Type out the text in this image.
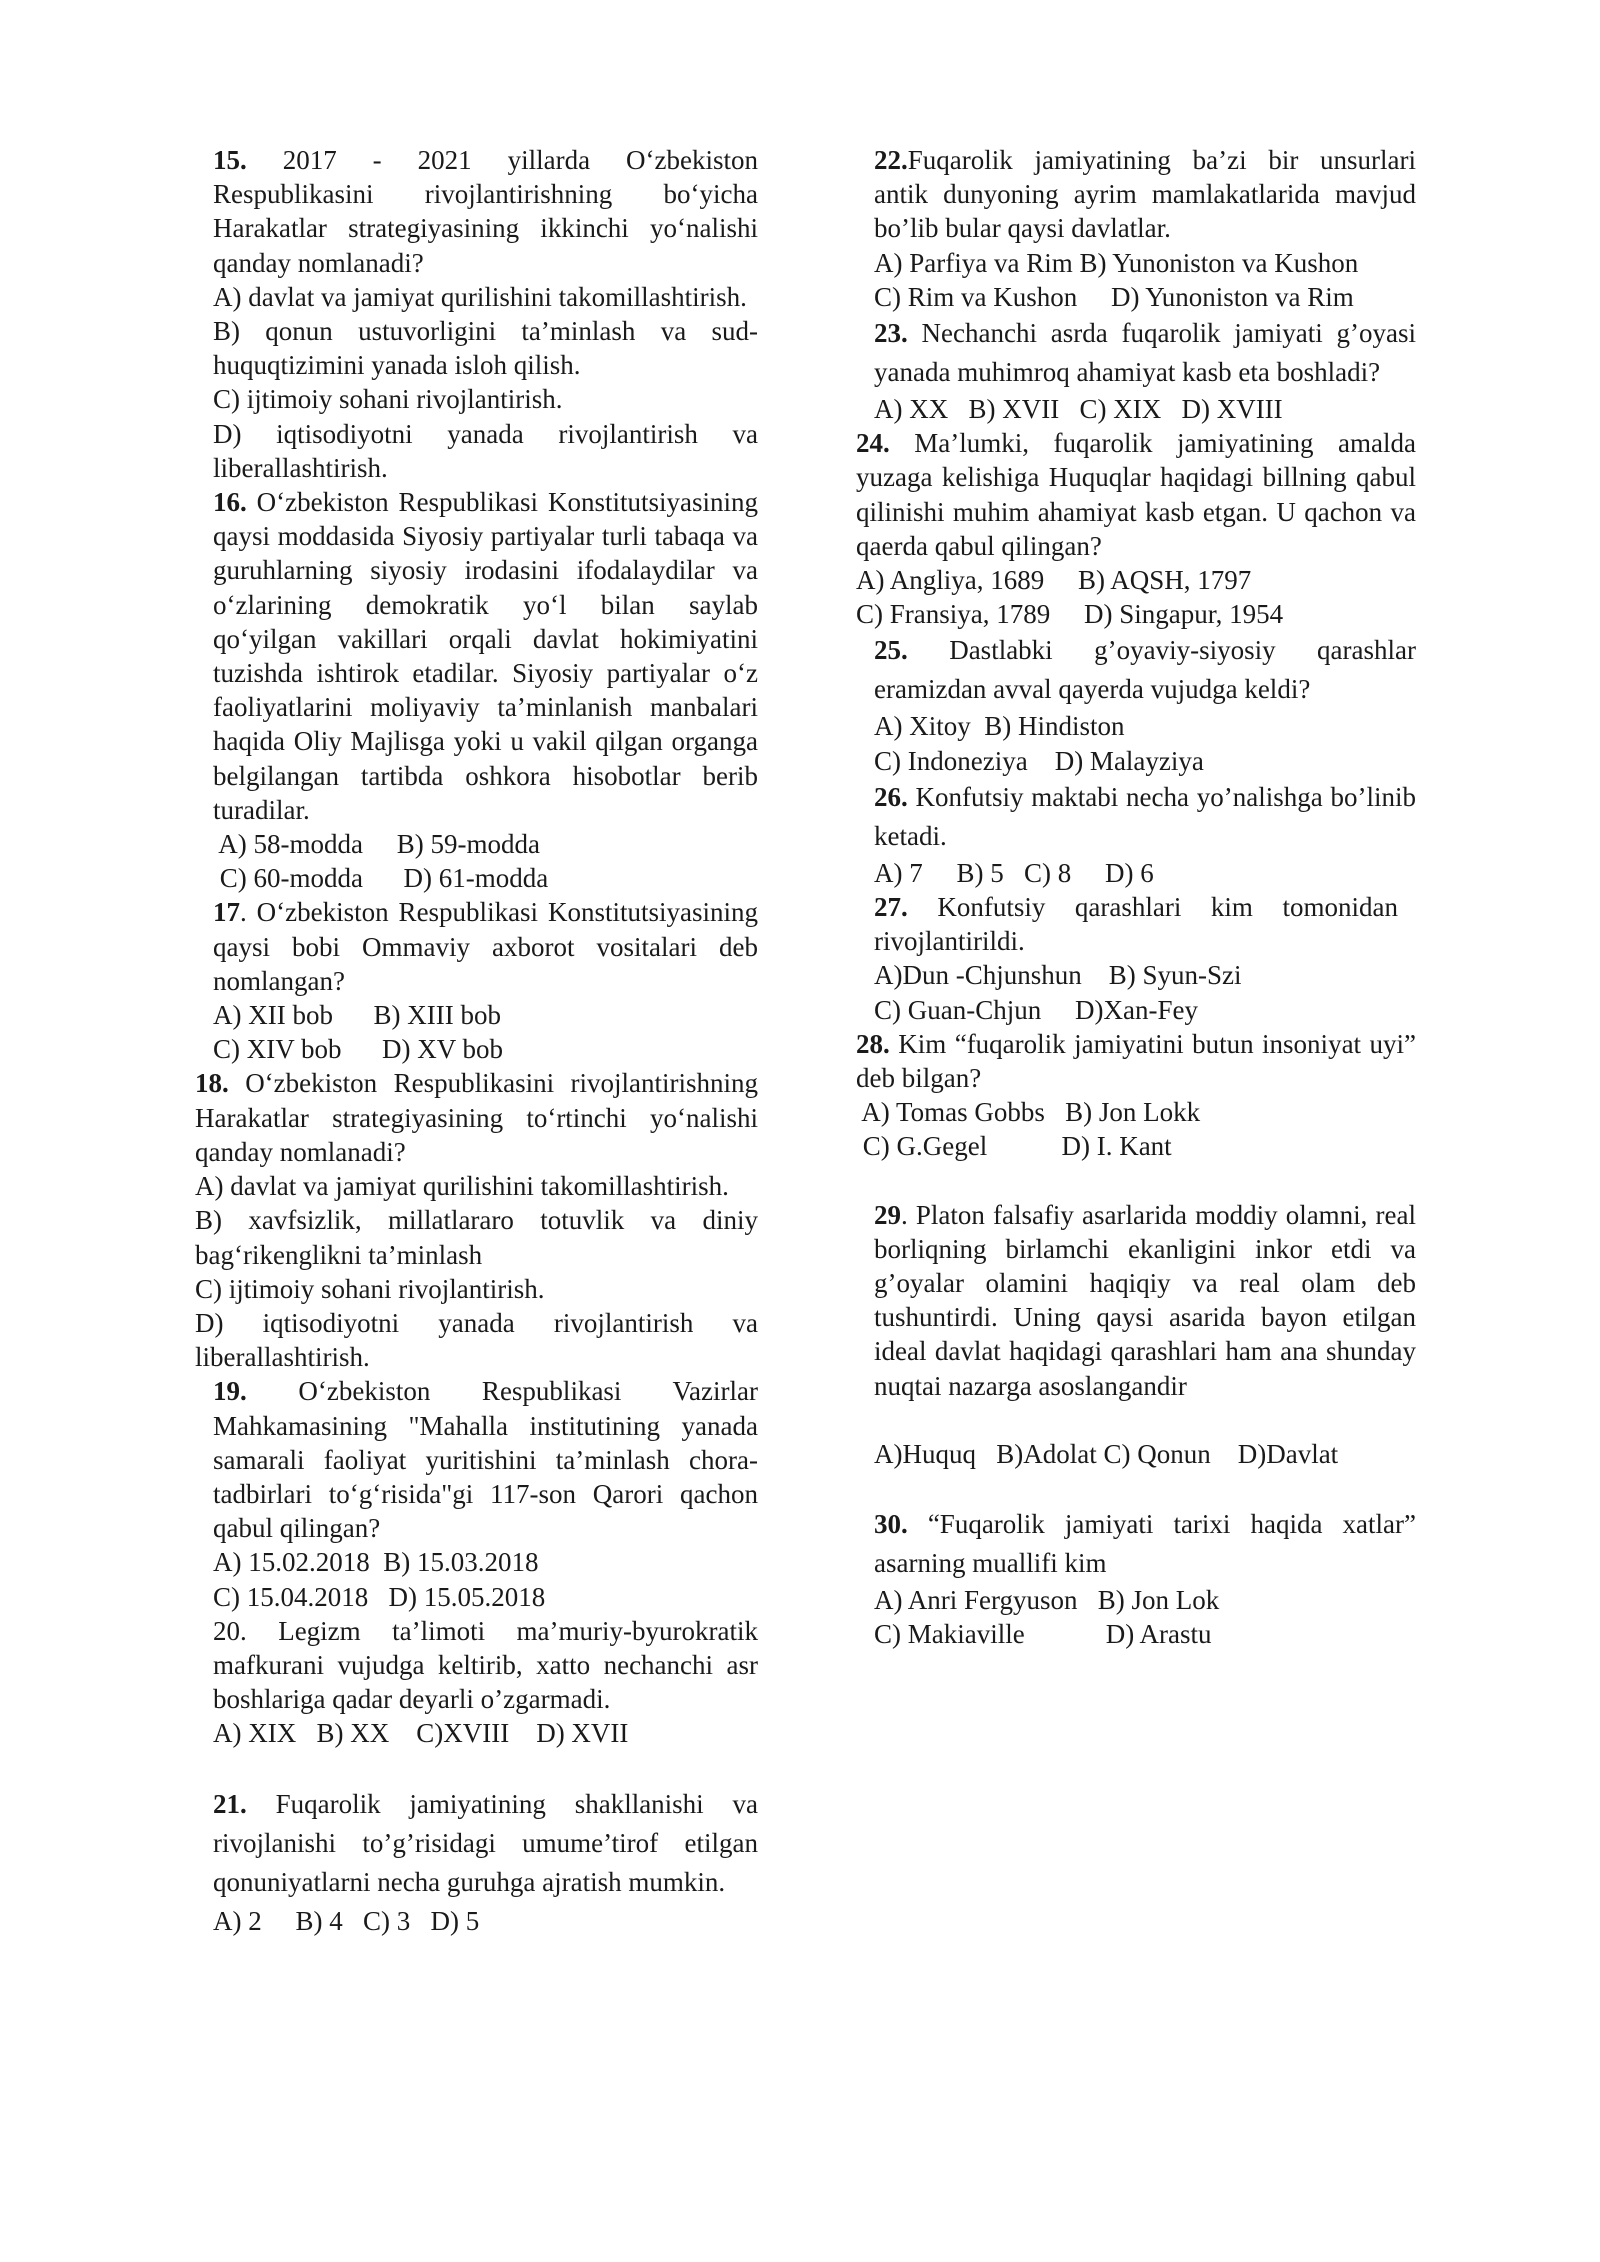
15. 2017 - 2021 yillarda O‘zbekiston Respublikasini rivojlantirishning bo‘yicha Harakatlar strategiyasining ikkinchi yo‘nalishi qanday nomlanadi?

A) davlat va jamiyat qurilishini takomillashtirish.

B) qonun ustuvorligini ta’minlash va sud-huquqtizimini yanada isloh qilish.

C) ijtimoiy sohani rivojlantirish.

D) iqtisodiyotni yanada rivojlantirish va liberallashtirish.

16. O‘zbekiston Respublikasi Konstitutsiyasining qaysi moddasida Siyosiy partiyalar turli tabaqa va guruhlarning siyosiy irodasini ifodalaydilar va o‘zlarining demokratik yo‘l bilan saylab qo‘yilgan vakillari orqali davlat hokimiyatini tuzishda ishtirok etadilar. Siyosiy partiyalar o‘z faoliyatlarini moliyaviy ta’minlanish manbalari haqida Oliy Majlisga yoki u vakil qilgan organga belgilangan tartibda oshkora hisobotlar berib turadilar.

A) 58-modda     B) 59-modda
C) 60-modda      D) 61-modda

17. O‘zbekiston Respublikasi Konstitutsiyasining qaysi bobi Ommaviy axborot vositalari deb nomlangan?

A) XII bob      B) XIII bob
C) XIV bob      D) XV bob

18. O‘zbekiston Respublikasini rivojlantirishning Harakatlar strategiyasining to‘rtinchi yo‘nalishi qanday nomlanadi?

A) davlat va jamiyat qurilishini takomillashtirish.

B) xavfsizlik, millatlararo totuvlik va diniy bag‘rikenglikni ta’minlash

C) ijtimoiy sohani rivojlantirish.

D) iqtisodiyotni yanada rivojlantirish va liberallashtirish.

19. O‘zbekiston Respublikasi Vazirlar Mahkamasining "Mahalla institutining yanada samarali faoliyat yuritishini ta’minlash chora-tadbirlari to‘g‘risida"gi 117-son Qarori qachon qabul qilingan?

A) 15.02.2018  B) 15.03.2018
C) 15.04.2018   D) 15.05.2018

20. Legizm ta’limoti ma’muriy-byurokratik mafkurani vujudga keltirib, xatto nechanchi asr boshlariga qadar deyarli o’zgarmadi.

A) XIX   B) XX    C)XVIII    D) XVII

21. Fuqarolik jamiyatining shakllanishi va rivojlanishi to’g’risidagi umume’tirof etilgan qonuniyatlarni necha guruhga ajratish mumkin.

A) 2     B) 4   C) 3   D) 5

22.Fuqarolik jamiyatining ba’zi bir unsurlari antik dunyoning ayrim mamlakatlarida mavjud bo’lib bular qaysi davlatlar.

A) Parfiya va Rim B) Yunoniston va Kushon

C) Rim va Kushon     D) Yunoniston va Rim

23. Nechanchi asrda fuqarolik jamiyati g’oyasi yanada muhimroq ahamiyat kasb eta boshladi?

A) XX   B) XVII   C) XIX   D) XVIII

24. Ma’lumki, fuqarolik jamiyatining amalda yuzaga kelishiga Huquqlar haqidagi billning qabul qilinishi muhim ahamiyat kasb etgan. U qachon va qaerda qabul qilingan?

A) Angliya, 1689     B) AQSH, 1797
C) Fransiya, 1789     D) Singapur, 1954

25. Dastlabki g’oyaviy-siyosiy qarashlar eramizdan avval qayerda vujudga keldi?

A) Xitoy  B) Hindiston
C) Indoneziya    D) Malayziya

26. Konfutsiy maktabi necha yo’nalishga bo’linib ketadi.

A) 7     B) 5   C) 8     D) 6

27. Konfutsiy qarashlari kim tomonidan rivojlantirildi.

A)Dun -Chjunshun    B) Syun-Szi
C) Guan-Chjun     D)Xan-Fey

28. Kim “fuqarolik jamiyatini butun insoniyat uyi” deb bilgan?

A) Tomas Gobbs   B) Jon Lokk
C) G.Gegel           D) I. Kant

29. Platon falsafiy asarlarida moddiy olamni, real borliqning birlamchi ekanligini inkor etdi va g’oyalar olamini haqiqiy va real olam deb tushuntirdi. Uning qaysi asarida bayon etilgan ideal davlat haqidagi qarashlari ham ana shunday nuqtai nazarga asoslangandir

A)Huquq   B)Adolat C) Qonun    D)Davlat

30. “Fuqarolik jamiyati tarixi haqida xatlar” asarning muallifi kim

A) Anri Fergyuson   B) Jon Lok
C) Makiaville            D) Arastu
